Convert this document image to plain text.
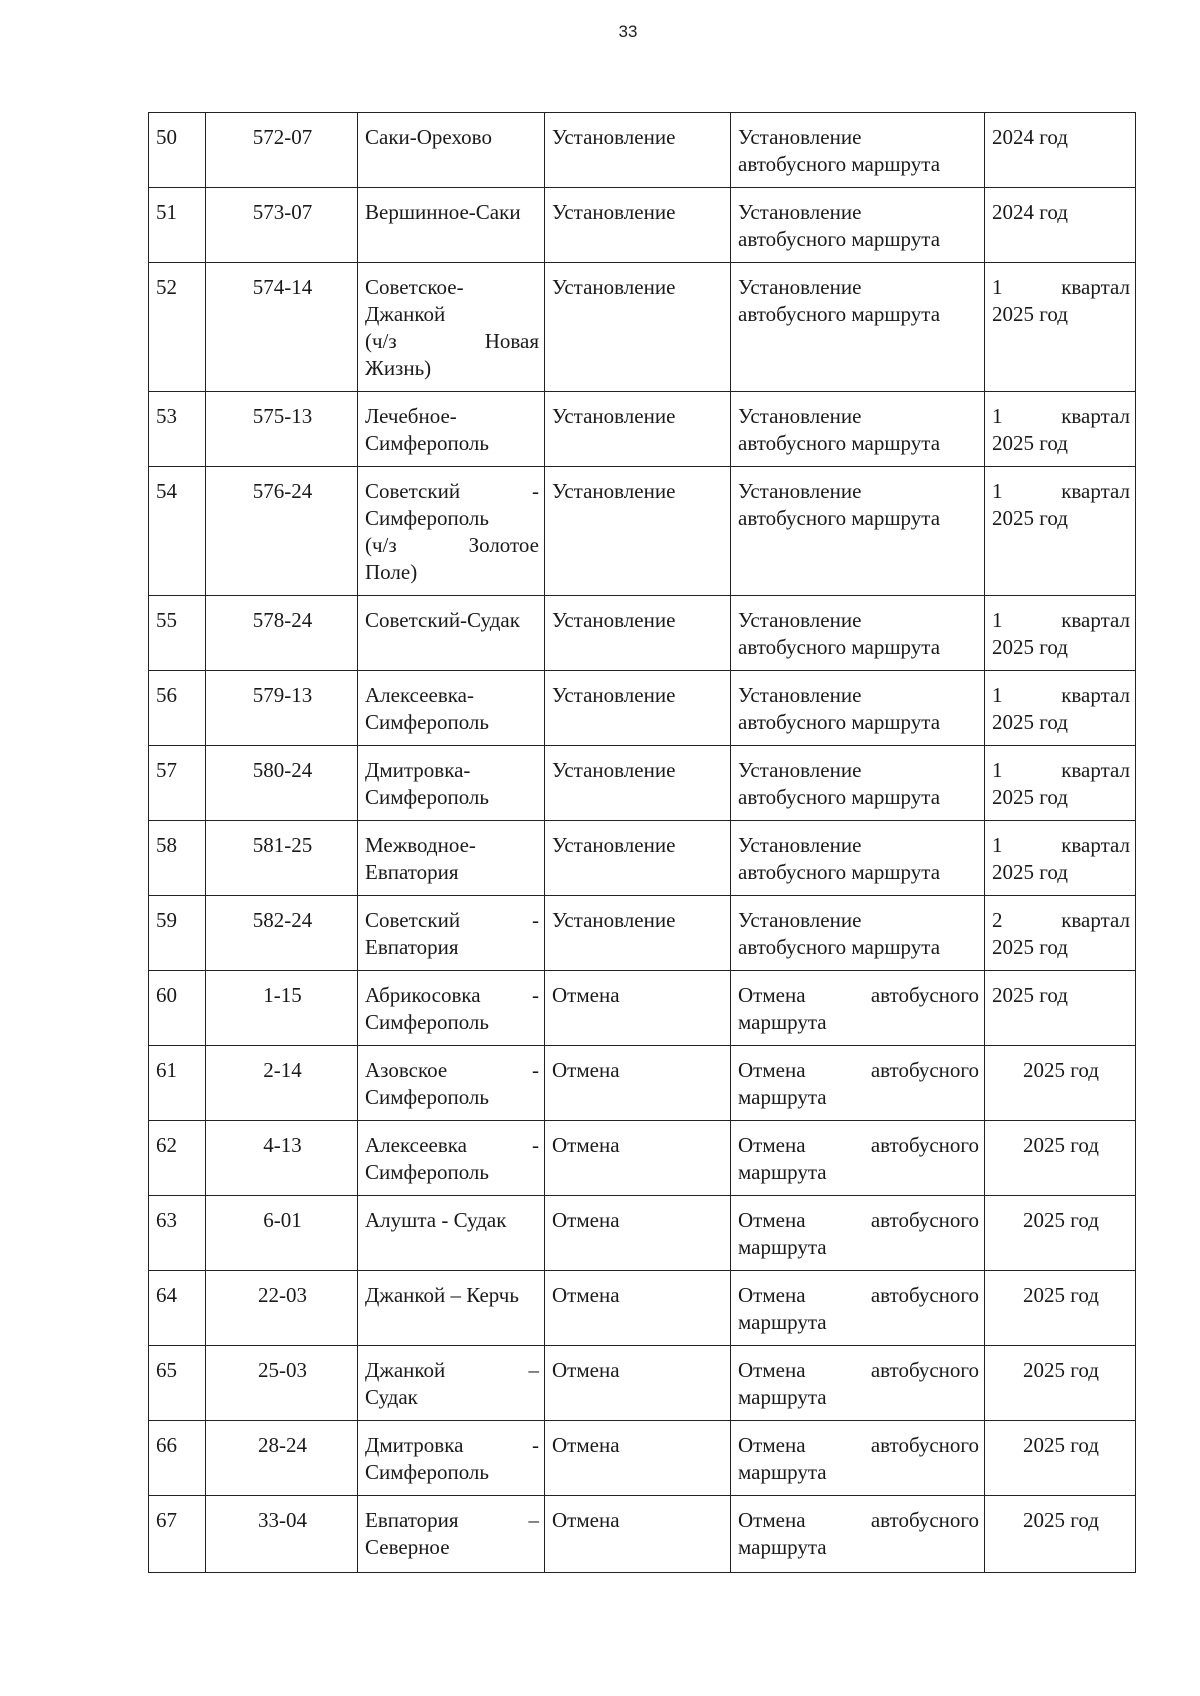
33
50	572-07	Саки-Орехово	Установление	Установление
автобусного маршрута	2024 год

51	573-07	Вершинное-Саки	Установление	Установление
автобусного маршрута	2024 год

52	574-14	Советское-
Джанкой
(ч/з Новая
Жизнь)	Установление	Установление
автобусного маршрута	1 квартал
2025 год

53	575-13	Лечебное-
Симферополь	Установление	Установление
автобусного маршрута	1 квартал
2025 год

54	576-24	Советский -
Симферополь
(ч/з Золотое
Поле)	Установление	Установление
автобусного маршрута	1 квартал
2025 год

55	578-24	Советский-Судак	Установление	Установление
автобусного маршрута	1 квартал
2025 год

56	579-13	Алексеевка-
Симферополь	Установление	Установление
автобусного маршрута	1 квартал
2025 год

57	580-24	Дмитровка-
Симферополь	Установление	Установление
автобусного маршрута	1 квартал
2025 год

58	581-25	Межводное-
Евпатория	Установление	Установление
автобусного маршрута	1 квартал
2025 год

59	582-24	Советский -
Евпатория	Установление	Установление
автобусного маршрута	2 квартал
2025 год

60	1-15	Абрикосовка -
Симферополь	Отмена	Отмена автобусного
маршрута	2025 год

61	2-14	Азовское -
Симферополь	Отмена	Отмена автобусного
маршрута	2025 год

62	4-13	Алексеевка -
Симферополь	Отмена	Отмена автобусного
маршрута	2025 год

63	6-01	Алушта - Судак	Отмена	Отмена автобусного
маршрута	2025 год

64	22-03	Джанкой – Керчь	Отмена	Отмена автобусного
маршрута	2025 год

65	25-03	Джанкой –
Судак	Отмена	Отмена автобусного
маршрута	2025 год

66	28-24	Дмитровка -
Симферополь	Отмена	Отмена автобусного
маршрута	2025 год

67	33-04	Евпатория –
Северное	Отмена	Отмена автобусного
маршрута	2025 год
